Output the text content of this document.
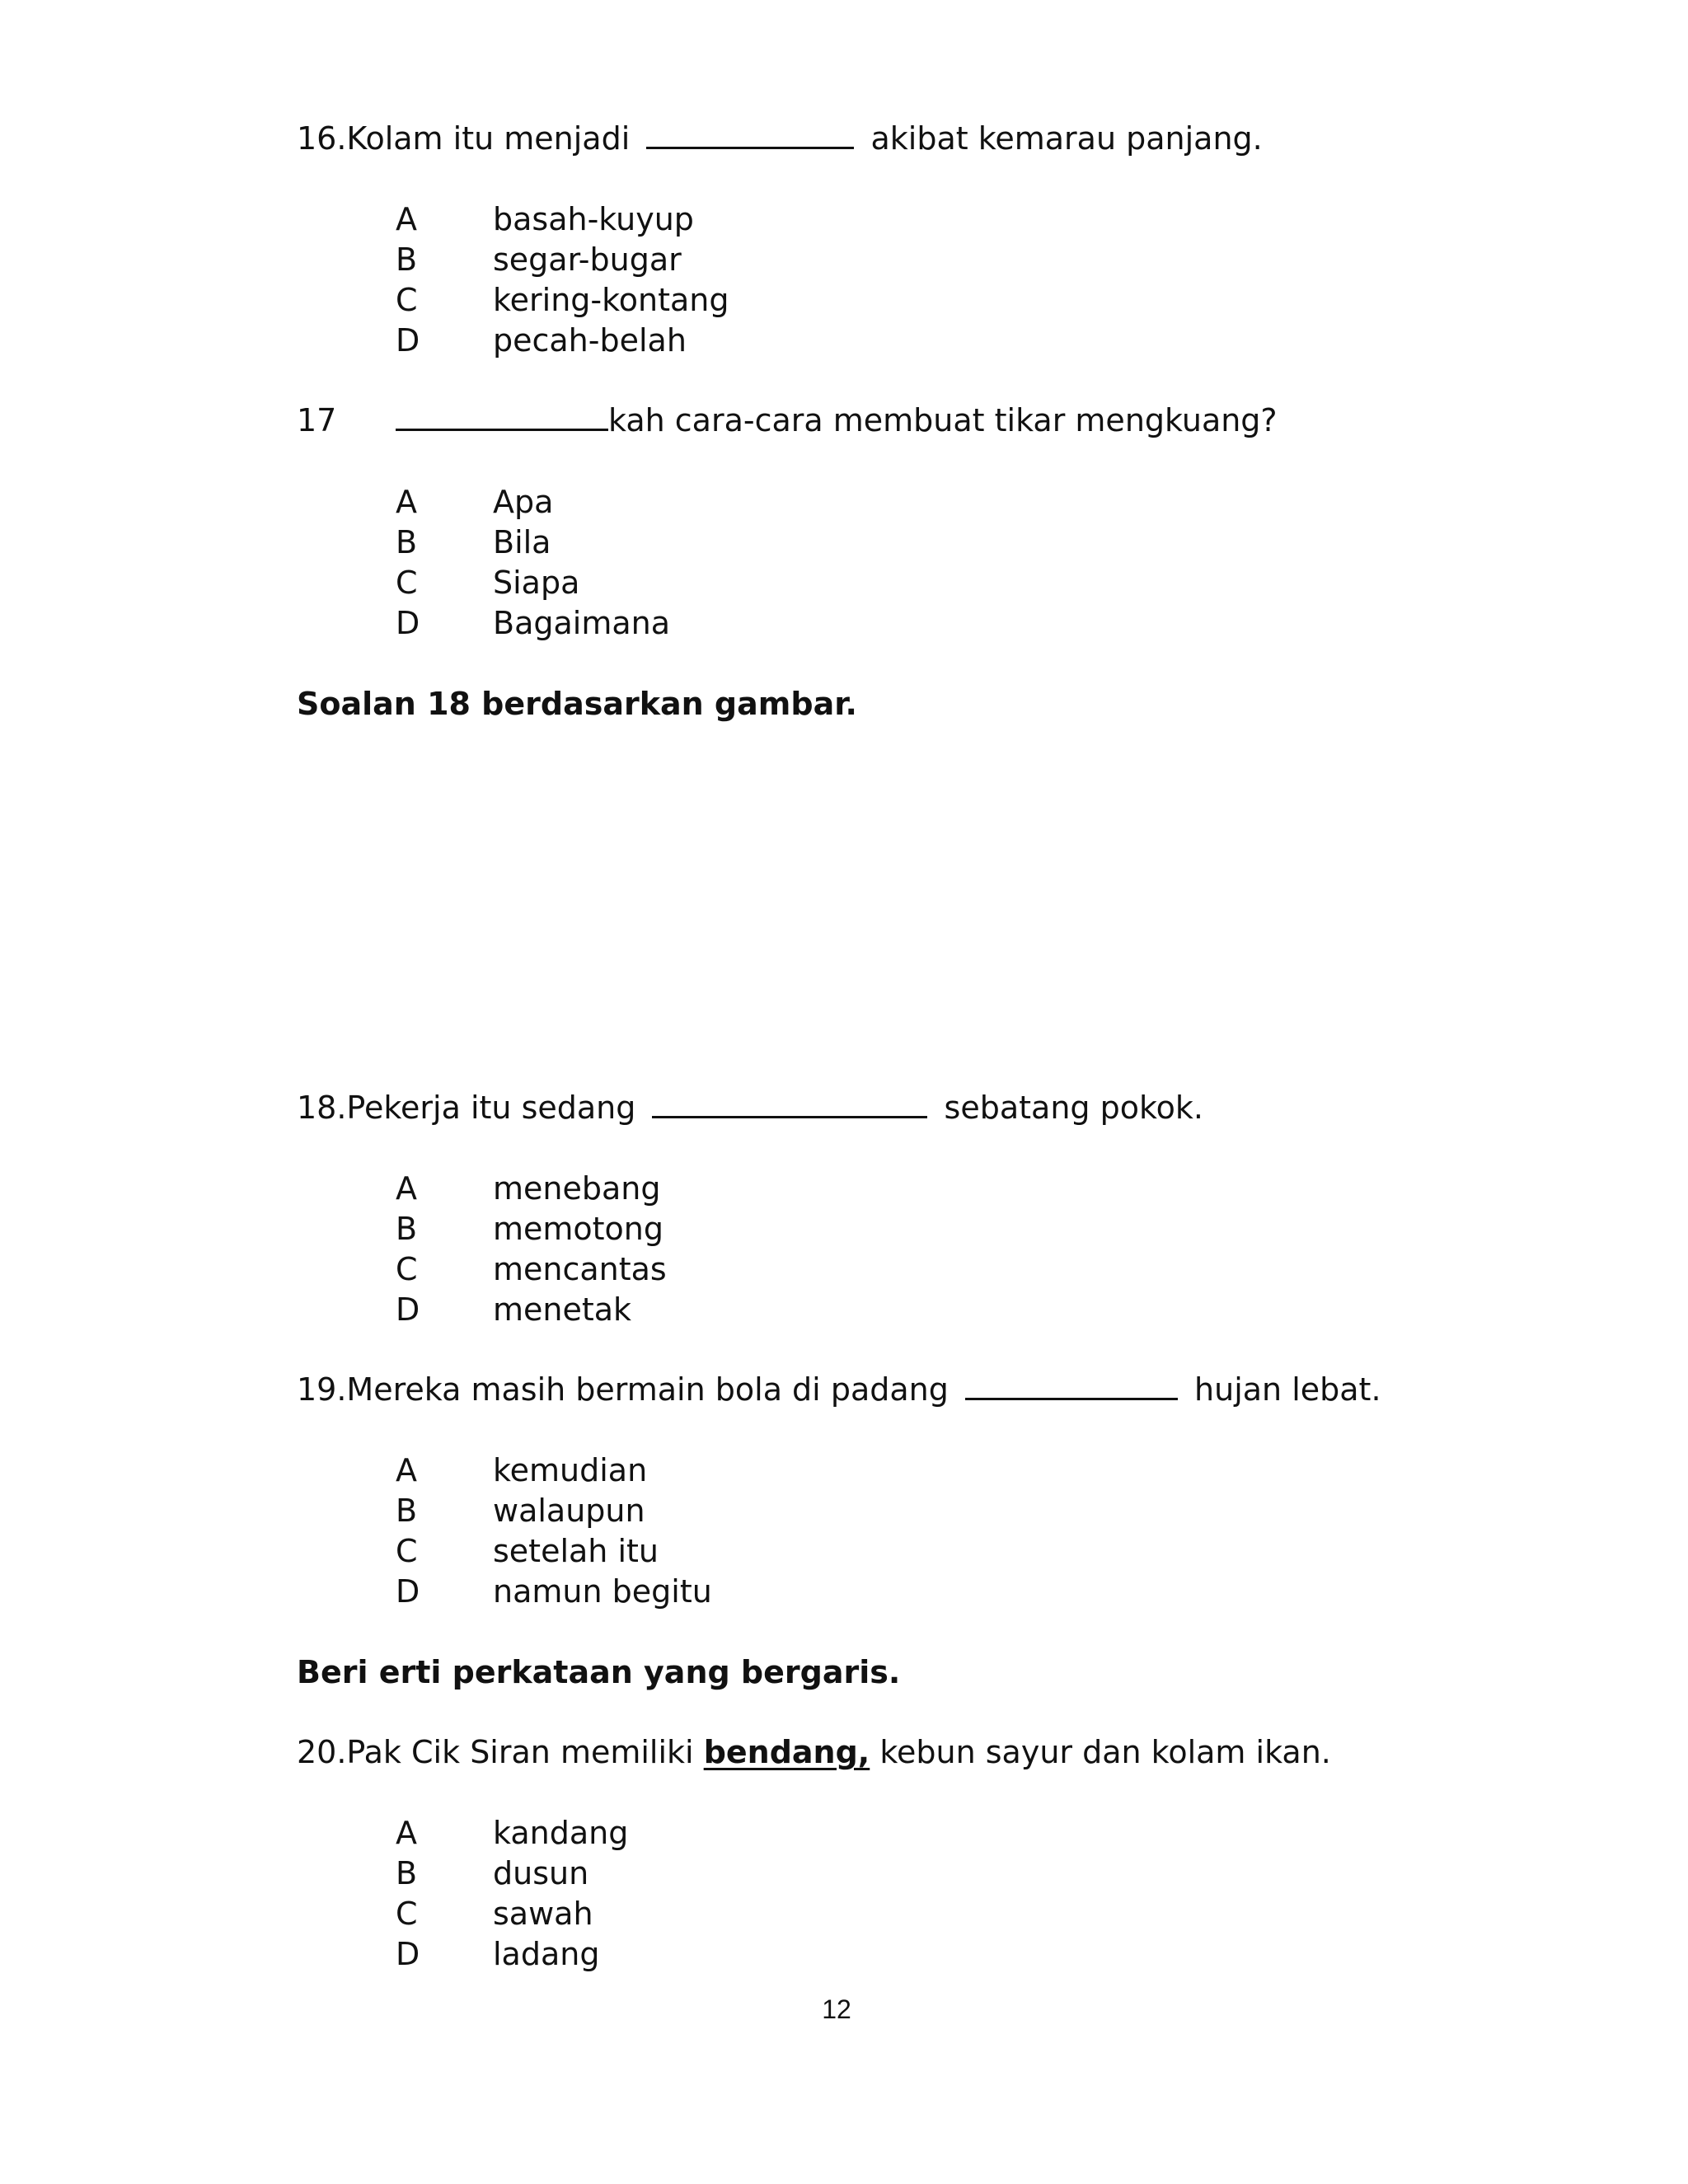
16.Kolam itu menjadi	akibat kemarau panjang.
A basah-kuyup
B segar-bugar
C kering-kontang
D pecah-belah
17	kah cara-cara membuat tikar mengkuang?
A Apa
B Bila
C Siapa
D Bagaimana
Soalan 18 berdasarkan gambar.
18.Pekerja itu sedang	sebatang pokok.
A menebang
B memotong
C mencantas
D menetak
19.Mereka masih bermain bola di padang	hujan lebat.
A kemudian
B walaupun
C setelah itu
D namun begitu
Beri erti perkataan yang bergaris.
20.Pak Cik Siran memiliki bendang, kebun sayur dan kolam ikan.
A kandang
B dusun
C sawah
D ladang
12
